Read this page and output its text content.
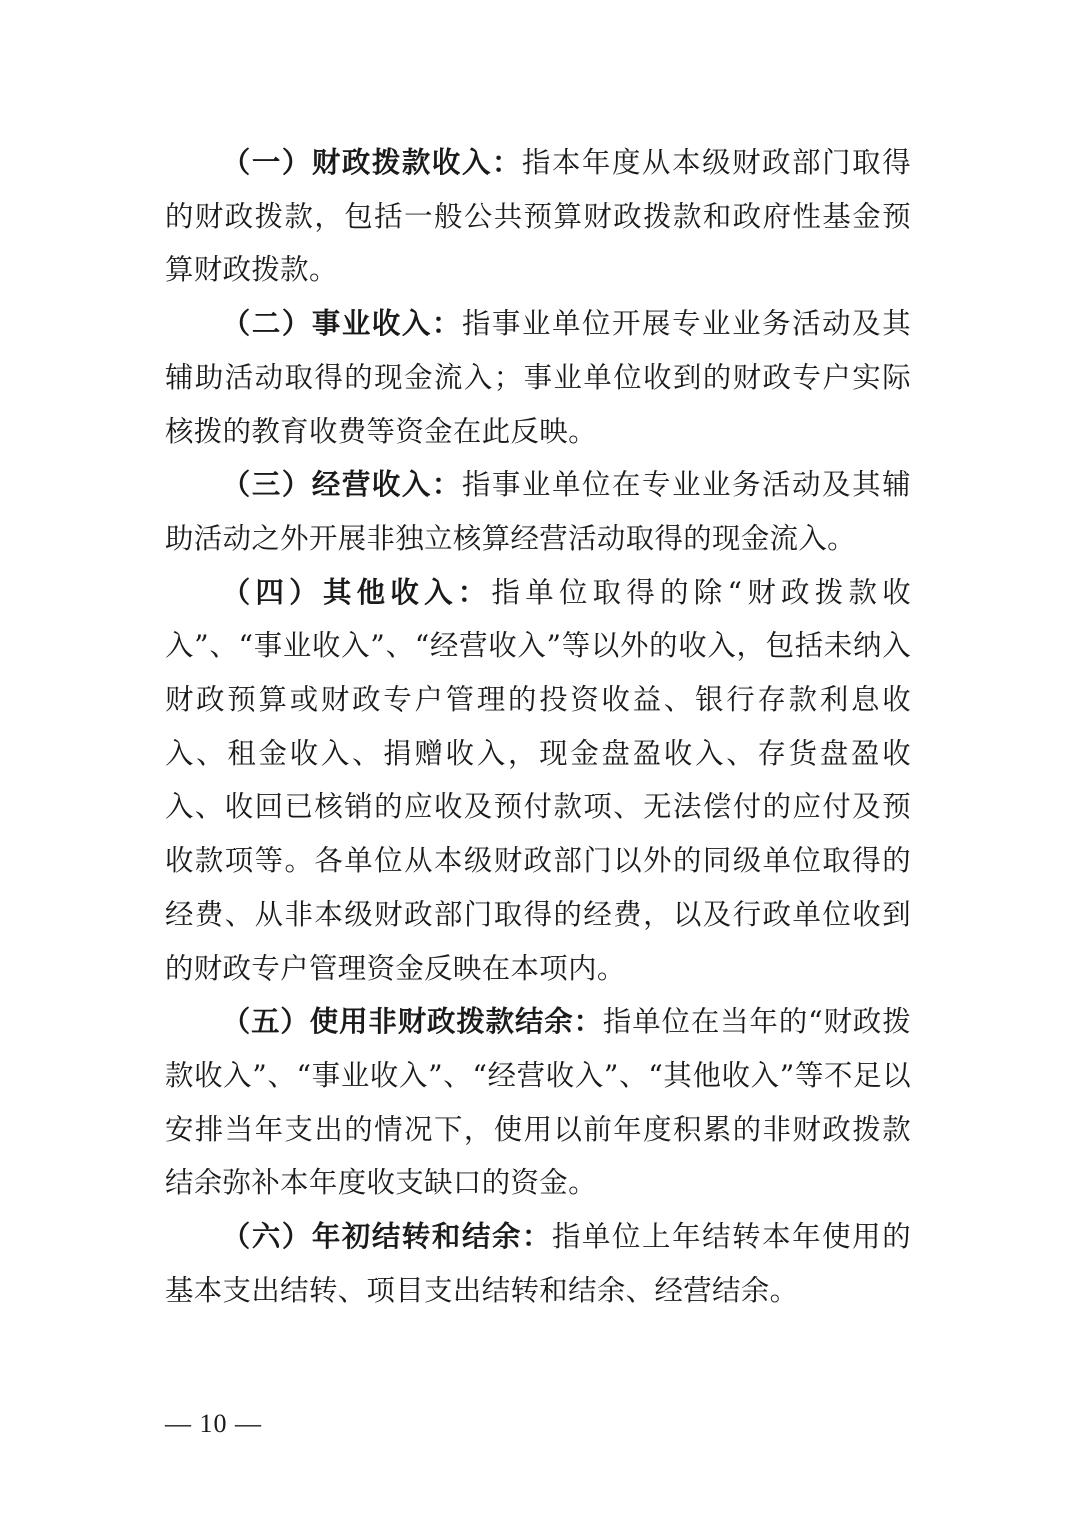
（一）财政拨款收入：指本年度从本级财政部门取得的财政拨款，包括一般公共预算财政拨款和政府性基金预算财政拨款。

（二）事业收入：指事业单位开展专业业务活动及其辅助活动取得的现金流入；事业单位收到的财政专户实际核拨的教育收费等资金在此反映。

（三）经营收入：指事业单位在专业业务活动及其辅助活动之外开展非独立核算经营活动取得的现金流入。

（四）其他收入：指单位取得的除“财政拨款收入”、“事业收入”、“经营收入”等以外的收入，包括未纳入财政预算或财政专户管理的投资收益、银行存款利息收入、租金收入、捐赠收入，现金盘盈收入、存货盘盈收入、收回已核销的应收及预付款项、无法偿付的应付及预收款项等。各单位从本级财政部门以外的同级单位取得的经费、从非本级财政部门取得的经费，以及行政单位收到的财政专户管理资金反映在本项内。

（五）使用非财政拨款结余：指单位在当年的“财政拨款收入”、“事业收入”、“经营收入”、“其他收入”等不足以安排当年支出的情况下，使用以前年度积累的非财政拨款结余弥补本年度收支缺口的资金。

（六）年初结转和结余：指单位上年结转本年使用的基本支出结转、项目支出结转和结余、经营结余。

— 10 —
